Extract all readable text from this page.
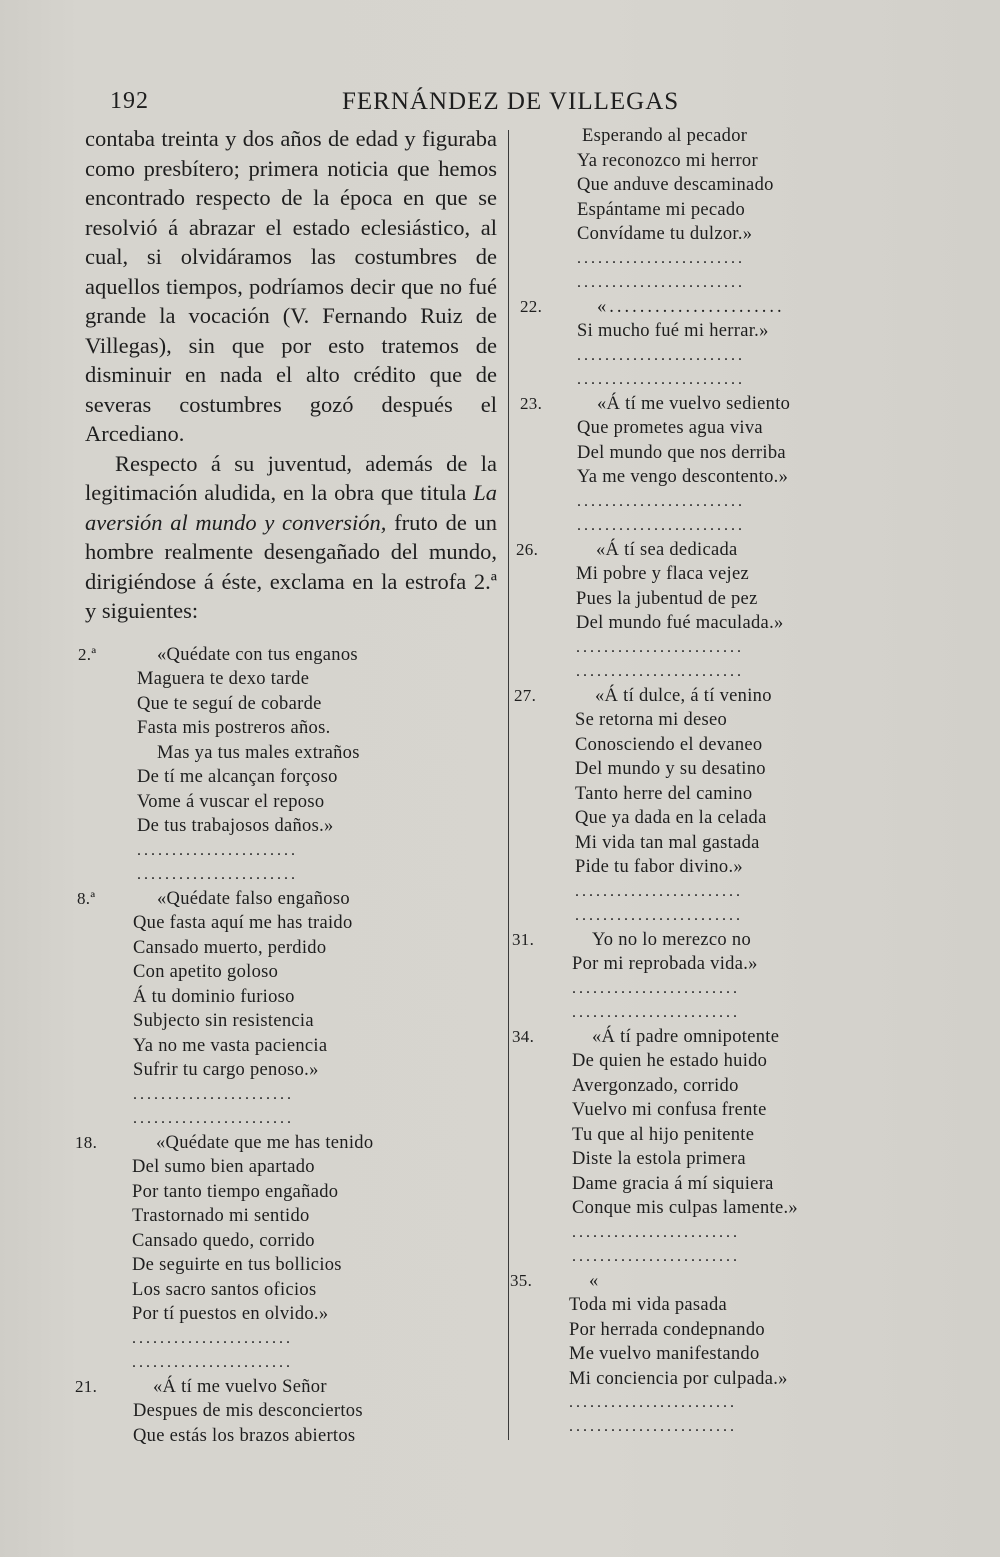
192	FERNÁNDEZ DE VILLEGAS

contaba treinta y dos años de edad y figuraba como presbítero; primera noticia que hemos encontrado respecto de la época en que se resolvió á abrazar el estado eclesiástico, al cual, si olvidáramos las costumbres de aquellos tiempos, podríamos decir que no fué grande la vocación (V. Fernando Ruiz de Villegas), sin que por esto tratemos de disminuir en nada el alto crédito que de severas costumbres gozó después el Arcediano.

Respecto á su juventud, además de la legitimación aludida, en la obra que titula La aversión al mundo y conversión, fruto de un hombre realmente desengañado del mundo, dirigiéndose á éste, exclama en la estrofa 2.ª y siguientes:

2.ª	«Quédate con tus enganos
Maguera te dexo tarde
Que te seguí de cobarde
Fasta mis postreros años.
Mas ya tus males extraños
De tí me alcançan forçoso
Vome á vuscar el reposo
De tus trabajosos daños.»
.......................
.......................
8.ª	«Quédate falso engañoso
Que fasta aquí me has traido
Cansado muerto, perdido
Con apetito goloso
Á tu dominio furioso
Subjecto sin resistencia
Ya no me vasta paciencia
Sufrir tu cargo penoso.»
.......................
.......................
18.	«Quédate que me has tenido
Del sumo bien apartado
Por tanto tiempo engañado
Trastornado mi sentido
Cansado quedo, corrido
De seguirte en tus bollicios
Los sacro santos oficios
Por tí puestos en olvido.»
.......................
.......................
21.	«Á tí me vuelvo Señor
Despues de mis desconciertos
Que estás los brazos abiertos
Esperando al pecador
Ya reconozco mi herror
Que anduve descaminado
Espántame mi pecado
Convídame tu dulzor.»
........................
........................
22.	«.......................
Si mucho fué mi herrar.»
........................
........................
23.	«Á tí me vuelvo sediento
Que prometes agua viva
Del mundo que nos derriba
Ya me vengo descontento.»
........................
........................
26.	«Á tí sea dedicada
Mi pobre y flaca vejez
Pues la jubentud de pez
Del mundo fué maculada.»
........................
........................
27.	«Á tí dulce, á tí venino
Se retorna mi deseo
Conosciendo el devaneo
Del mundo y su desatino
Tanto herre del camino
Que ya dada en la celada
Mi vida tan mal gastada
Pide tu fabor divino.»
........................
........................
31.	Yo no lo merezco no
Por mi reprobada vida.»
........................
........................
34.	«Á tí padre omnipotente
De quien he estado huido
Avergonzado, corrido
Vuelvo mi confusa frente
Tu que al hijo penitente
Diste la estola primera
Dame gracia á mí siquiera
Conque mis culpas lamente.»
........................
........................
35.	«
Toda mi vida pasada
Por herrada condepnando
Me vuelvo manifestando
Mi conciencia por culpada.»
........................
........................
